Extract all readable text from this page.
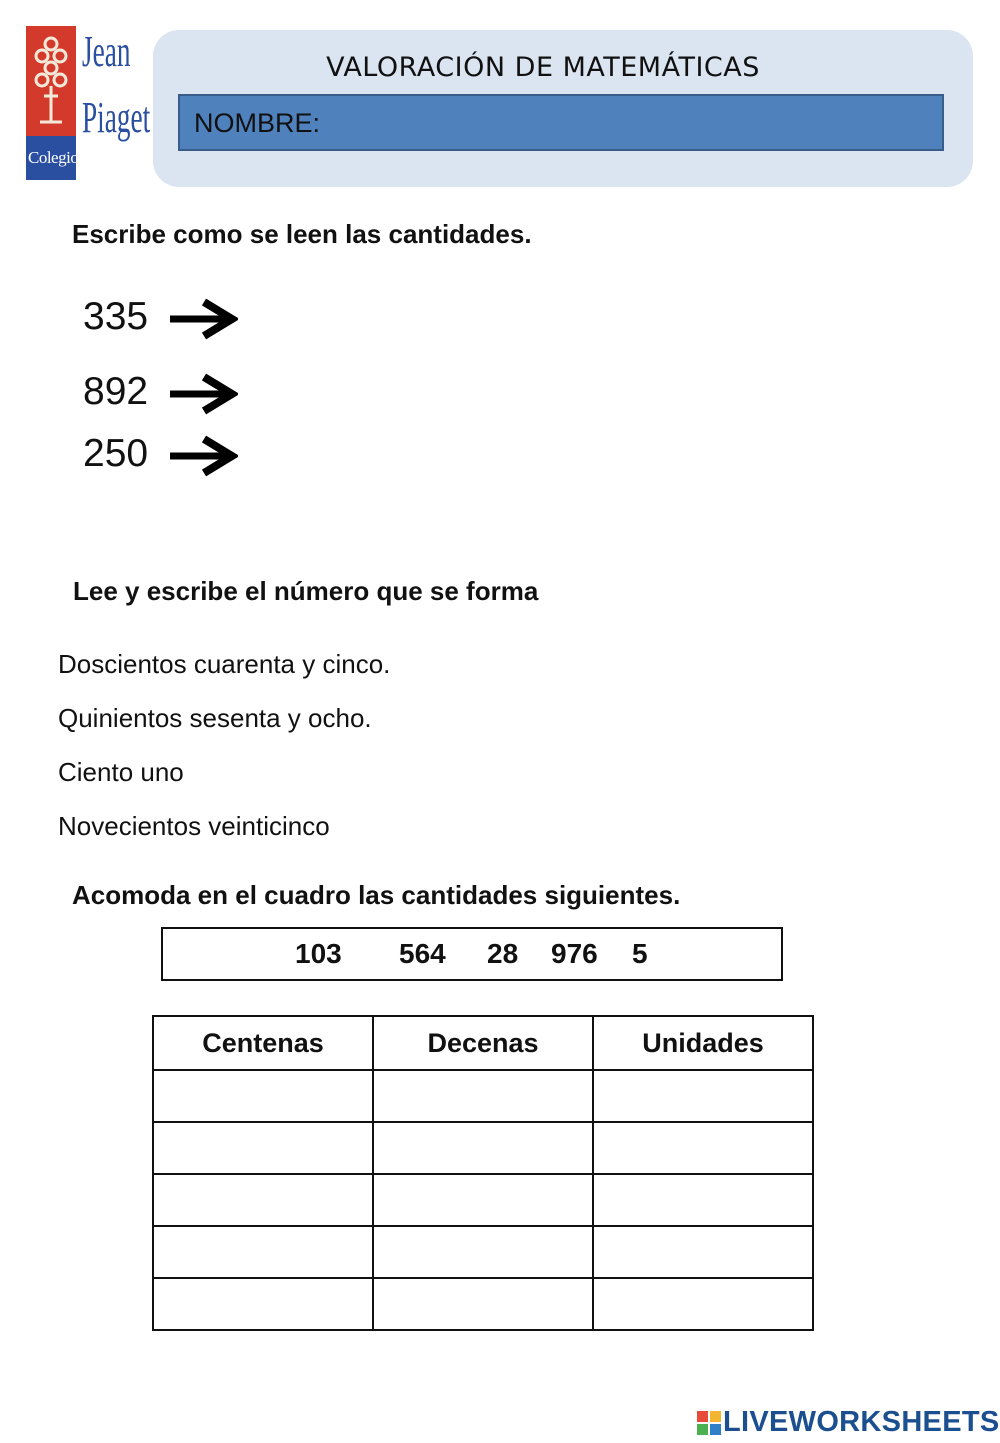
Colegio
Jean
Piaget
VALORACIÓN DE MATEMÁTICAS
NOMBRE:
Escribe como se leen las cantidades.
335
892
250
Lee y escribe el número que se forma
Doscientos cuarenta y cinco.
Quinientos sesenta y ocho.
Ciento uno
Novecientos veinticinco
Acomoda en el cuadro las cantidades siguientes.
103 564 28 976 5
Centenas	Decenas	Unidades

LIVEWORKSHEETS
